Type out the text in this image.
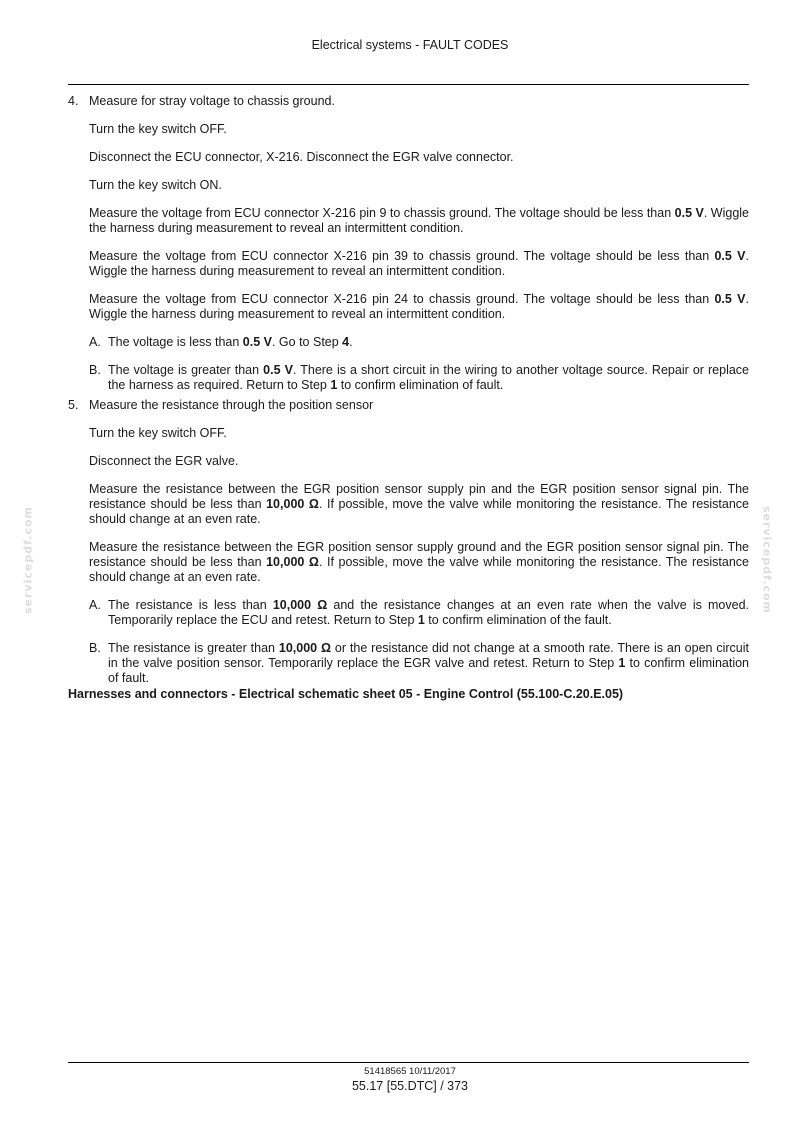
Electrical systems - FAULT CODES
servicepdf.com	servicepdf.com
4. Measure for stray voltage to chassis ground.

Turn the key switch OFF.

Disconnect the ECU connector, X-216. Disconnect the EGR valve connector.

Turn the key switch ON.

Measure the voltage from ECU connector X-216 pin 9 to chassis ground. The voltage should be less than 0.5 V. Wiggle the harness during measurement to reveal an intermittent condition.

Measure the voltage from ECU connector X-216 pin 39 to chassis ground. The voltage should be less than 0.5 V. Wiggle the harness during measurement to reveal an intermittent condition.

Measure the voltage from ECU connector X-216 pin 24 to chassis ground. The voltage should be less than 0.5 V. Wiggle the harness during measurement to reveal an intermittent condition.

A. The voltage is less than 0.5 V. Go to Step 4.
B. The voltage is greater than 0.5 V. There is a short circuit in the wiring to another voltage source. Repair or replace the harness as required. Return to Step 1 to confirm elimination of fault.
5. Measure the resistance through the position sensor

Turn the key switch OFF.

Disconnect the EGR valve.

Measure the resistance between the EGR position sensor supply pin and the EGR position sensor signal pin. The resistance should be less than 10,000 Ω. If possible, move the valve while monitoring the resistance. The resistance should change at an even rate.

Measure the resistance between the EGR position sensor supply ground and the EGR position sensor signal pin. The resistance should be less than 10,000 Ω. If possible, move the valve while monitoring the resistance. The resistance should change at an even rate.

A. The resistance is less than 10,000 Ω and the resistance changes at an even rate when the valve is moved. Temporarily replace the ECU and retest. Return to Step 1 to confirm elimination of the fault.
B. The resistance is greater than 10,000 Ω or the resistance did not change at a smooth rate. There is an open circuit in the valve position sensor. Temporarily replace the EGR valve and retest. Return to Step 1 to confirm elimination of fault.
Harnesses and connectors - Electrical schematic sheet 05 - Engine Control (55.100-C.20.E.05)
51418565 10/11/2017
55.17 [55.DTC] / 373
